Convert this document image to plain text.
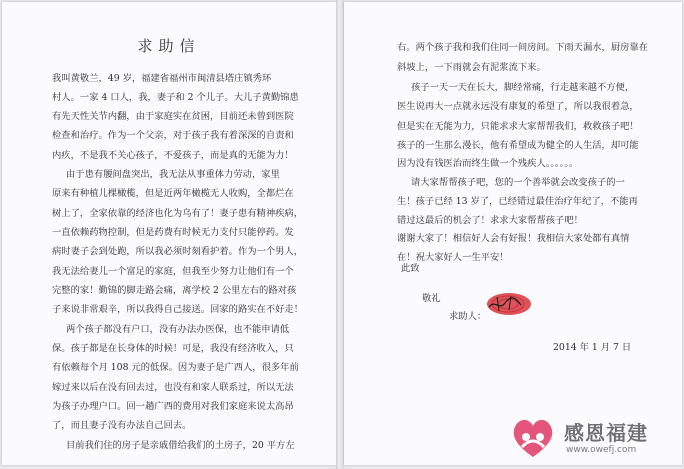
求助信
我叫黄敬兰，49 岁，福建省福州市闽清县塔庄镇秀环
村人。一家 4 口人，我，妻子和 2 个儿子。大儿子黄勤锦患
有先天性关节内翻，由于家庭实在贫困，目前还未曾到医院
检查和治疗。作为一个父亲，对于孩子我有着深深的自责和
内疚，不是我不关心孩子，不爱孩子，而是真的无能为力！
由于患有腰间盘突出，我无法从事重体力劳动，家里
原来有种植儿棵橄榄，但是近两年橄榄无人收购，全都烂在
树上了，全家依靠的经济也化为乌有了！妻子患有精神疾病，
一直依赖药物控制，但是药费有时候无力支付只能停药。发
病时妻子会到处跑，所以我必须时刻看护着。作为一个男人，
我无法给妻儿一个富足的家庭，但我至少努力让他们有一个
完整的家！勤锦的脚走路会痛，离学校 2 公里左右的路对孩
子来说非常艰辛，所以我得自己接送。回家的路实在不好走！
两个孩子都没有户口，没有办法办医保，也不能申请低
保。孩子都是在长身体的时候！可是，我没有经济收入，只
有依赖每个月 108 元的低保。因为妻子是广西人，很多年前
嫁过来以后在没有回去过，也没有和家人联系过，所以无法
为孩子办理户口。回一趟广西的费用对我们家庭来说太高昂
了，而且妻子没有办法自己回去。
目前我们住的房子是亲戚借给我们的土房子，20 平方左
右。两个孩子我和我们住同一间房间。下雨天漏水，厨房靠在
斜坡上，一下雨就会有泥浆流下来。
孩子一天一天在长大，脚经常痛，行走越来越不方便，
医生说再大一点就永远没有康复的希望了，所以我很着急，
但是实在无能为力，只能求求大家帮帮我们，救救孩子吧！
孩子的一生那么漫长，他有希望成为健全的人生活，却可能
因为没有钱医治而终生做一个残疾人。。。。。。
请大家帮帮孩子吧，您的一个善举就会改变孩子的一
生！孩子已经 13 岁了，已经错过最佳治疗年纪了，不能再
错过这最后的机会了！求求大家帮帮孩子吧！
谢谢大家了！相信好人会有好报！我相信大家处都有真情
在！祝大家好人一生平安！
此致
敬礼
求助人：
2014 年 1 月 7 日
感恩福建
www.owefj.com
